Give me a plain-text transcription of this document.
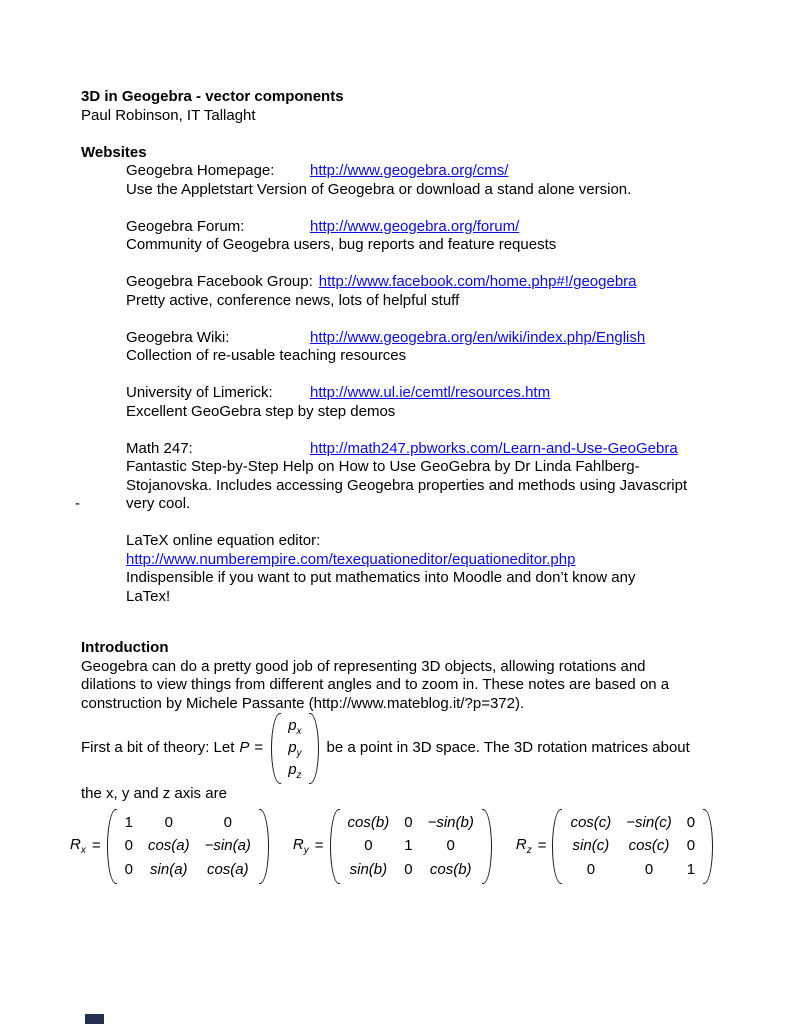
3D in Geogebra - vector components
Paul Robinson, IT Tallaght
Websites
Geogebra Homepage: http://www.geogebra.org/cms/
Use the Appletstart Version of Geogebra or download a stand alone version.
Geogebra Forum:	http://www.geogebra.org/forum/
Community of Geogebra users, bug reports and feature requests
Geogebra Facebook Group: http://www.facebook.com/home.php#!/geogebra
Pretty active, conference news, lots of helpful stuff
Geogebra Wiki:	http://www.geogebra.org/en/wiki/index.php/English
Collection of re-usable teaching resources
University of Limerick: http://www.ul.ie/cemtl/resources.htm
Excellent GeoGebra step by step demos
Math 247:	http://math247.pbworks.com/Learn-and-Use-GeoGebra
Fantastic Step-by-Step Help on How to Use GeoGebra by Dr Linda Fahlberg-
Stojanovska. Includes accessing Geogebra properties and methods using Javascript
-	very cool.
LaTeX online equation editor:
http://www.numberempire.com/texequationeditor/equationeditor.php
Indispensible if you want to put mathematics into Moodle and don’t know any
LaTex!
Introduction
Geogebra can do a pretty good job of representing 3D objects, allowing rotations and
dilations to view things from different angles and to zoom in. These notes are based on a
construction by Michele Passante (http://www.mateblog.it/?p=372).
First a bit of theory: Let P =
$p_x$
$p_y$
$p_z$
be a point in 3D space. The 3D rotation matrices about
the x, y and z axis are
$R_x$ =
1 0	0
0 cos(a) −sin(a)
0 sin(a) cos(a)
$R_y$ =
cos(b) 0 −sin(b)
0 1 0
sin(b) 0 cos(b)
$R_z$ =
cos(c) −sin(c) 0
sin(c) cos(c) 0
0	0 1
